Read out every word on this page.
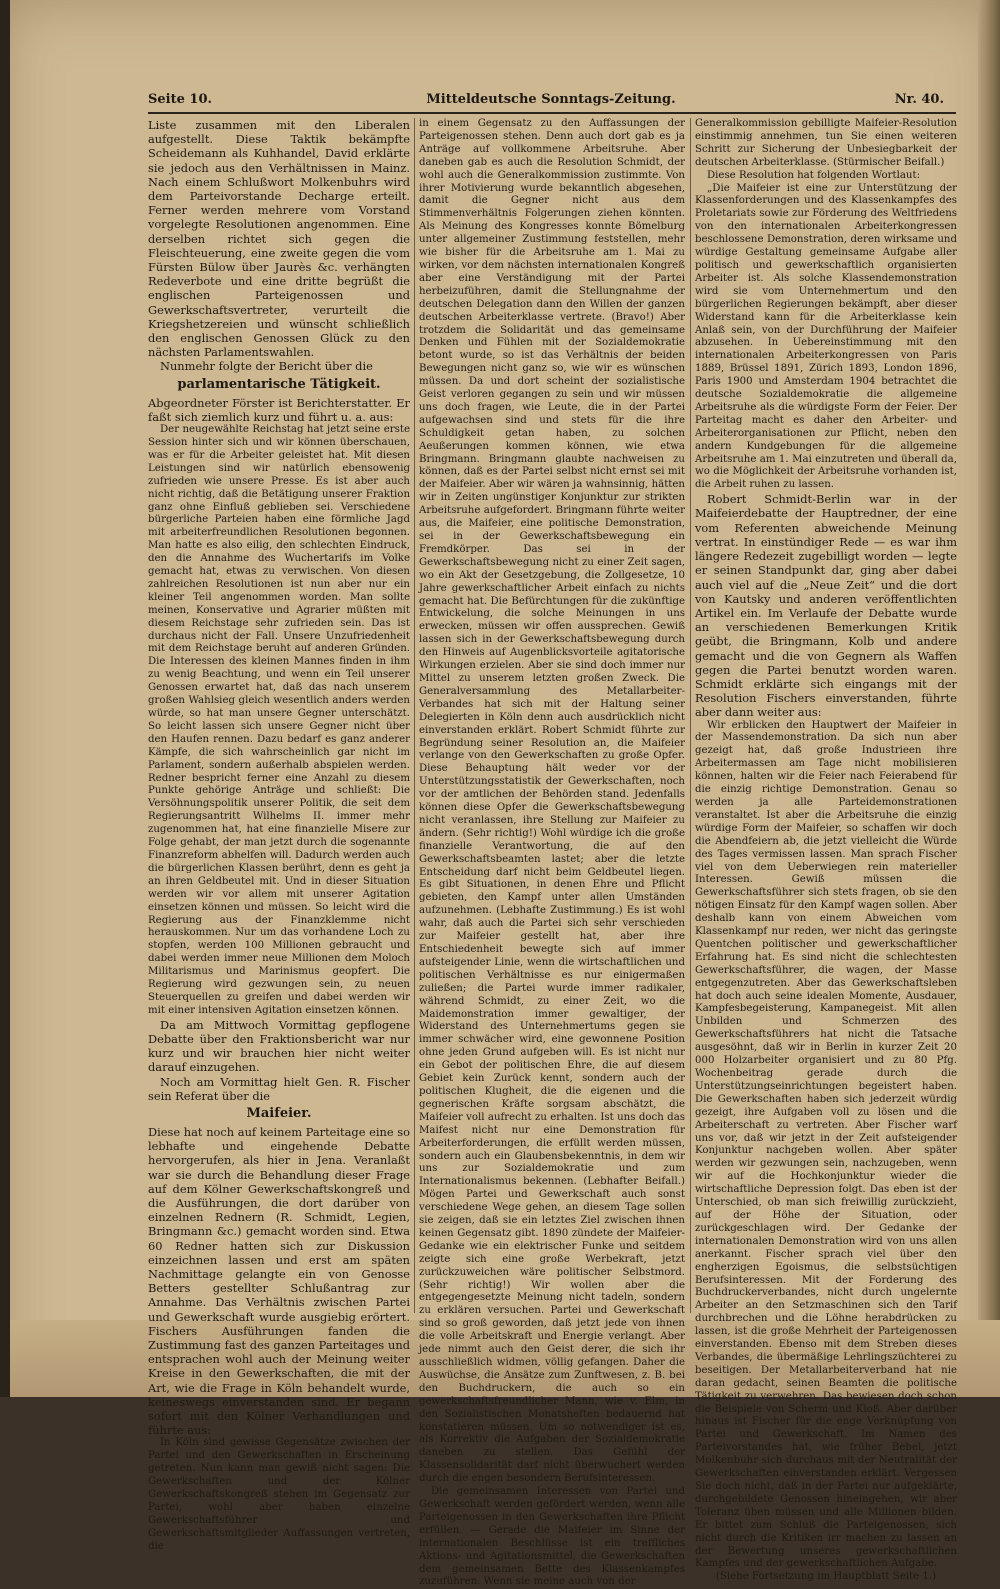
Seite 10.	Mitteldeutsche Sonntags-Zeitung.	Nr. 40.

Liste zusammen mit den Liberalen aufgestellt. Diese Taktik bekämpfte Scheidemann als Kuhhandel, David erklärte sie jedoch aus den Verhältnissen in Mainz. Nach einem Schlußwort Molkenbuhrs wird dem Parteivorstande Decharge erteilt. Ferner werden mehrere vom Vorstand vorgelegte Resolutionen angenommen. Eine derselben richtet sich gegen die Fleischteuerung, eine zweite gegen die vom Fürsten Bülow über Jaurès &c. verhängten Redeverbote und eine dritte begrüßt die englischen Parteigenossen und Gewerkschaftsvertreter, verurteilt die Kriegshetzereien und wünscht schließlich den englischen Genossen Glück zu den nächsten Parlamentswahlen.

Nunmehr folgte der Bericht über die

parlamentarische Tätigkeit.

Abgeordneter Förster ist Berichterstatter. Er faßt sich ziemlich kurz und führt u. a. aus:

Der neugewählte Reichstag hat jetzt seine erste Session hinter sich und wir können überschauen, was er für die Arbeiter geleistet hat. Mit diesen Leistungen sind wir natürlich ebensowenig zufrieden wie unsere Presse. Es ist aber auch nicht richtig, daß die Betätigung unserer Fraktion ganz ohne Einfluß geblieben sei. Verschiedene bürgerliche Parteien haben eine förmliche Jagd mit arbeiterfreundlichen Resolutionen begonnen. Man hatte es also eilig, den schlechten Eindruck, den die Annahme des Wuchertarifs im Volke gemacht hat, etwas zu verwischen. Von diesen zahlreichen Resolutionen ist nun aber nur ein kleiner Teil angenommen worden. Man sollte meinen, Konservative und Agrarier müßten mit diesem Reichstage sehr zufrieden sein. Das ist durchaus nicht der Fall. Unsere Unzufriedenheit mit dem Reichstage beruht auf anderen Gründen. Die Interessen des kleinen Mannes finden in ihm zu wenig Beachtung, und wenn ein Teil unserer Genossen erwartet hat, daß das nach unserem großen Wahlsieg gleich wesentlich anders werden würde, so hat man unsere Gegner unterschätzt. So leicht lassen sich unsere Gegner nicht über den Haufen rennen. Dazu bedarf es ganz anderer Kämpfe, die sich wahrscheinlich gar nicht im Parlament, sondern außerhalb abspielen werden. Redner bespricht ferner eine Anzahl zu diesem Punkte gehörige Anträge und schließt: Die Versöhnungspolitik unserer Politik, die seit dem Regierungsantritt Wilhelms II. immer mehr zugenommen hat, hat eine finanzielle Misere zur Folge gehabt, der man jetzt durch die sogenannte Finanzreform abhelfen will. Dadurch werden auch die bürgerlichen Klassen berührt, denn es geht ja an ihren Geldbeutel mit. Und in dieser Situation werden wir vor allem mit unserer Agitation einsetzen können und müssen. So leicht wird die Regierung aus der Finanzklemme nicht herauskommen. Nur um das vorhandene Loch zu stopfen, werden 100 Millionen gebraucht und dabei werden immer neue Millionen dem Moloch Militarismus und Marinismus geopfert. Die Regierung wird gezwungen sein, zu neuen Steuerquellen zu greifen und dabei werden wir mit einer intensiven Agitation einsetzen können.

Da am Mittwoch Vormittag gepflogene Debatte über den Fraktionsbericht war nur kurz und wir brauchen hier nicht weiter darauf einzugehen.

Noch am Vormittag hielt Gen. R. Fischer sein Referat über die

Maifeier.

Diese hat noch auf keinem Parteitage eine so lebhafte und eingehende Debatte hervorgerufen, als hier in Jena. Veranlaßt war sie durch die Behandlung dieser Frage auf dem Kölner Gewerkschaftskongreß und die Ausführungen, die dort darüber von einzelnen Rednern (R. Schmidt, Legien, Bringmann &c.) gemacht worden sind. Etwa 60 Redner hatten sich zur Diskussion einzeichnen lassen und erst am späten Nachmittage gelangte ein von Genosse Betters gestellter Schlußantrag zur Annahme. Das Verhältnis zwischen Partei und Gewerkschaft wurde ausgiebig erörtert. Fischers Ausführungen fanden die Zustimmung fast des ganzen Parteitages und entsprachen wohl auch der Meinung weiter Kreise in den Gewerkschaften, die mit der Art, wie die Frage in Köln behandelt wurde, keineswegs einverstanden sind. Er begann sofort mit den Kölner Verhandlungen und führte aus:

In Köln sind gewisse Gegensätze zwischen der Partei und den Gewerkschaften in Erscheinung getreten. Nun kann man gewiß nicht sagen: Die Gewerkschaften und der Kölner Gewerkschaftskongreß stehen im Gegensatz zur Partei, wohl aber haben einzelne Gewerkschaftsführer und Gewerkschaftsmitglieder Auffassungen vertreten, die

in einem Gegensatz zu den Auffassungen der Parteigenossen stehen. Denn auch dort gab es ja Anträge auf vollkommene Arbeitsruhe. Aber daneben gab es auch die Resolution Schmidt, der wohl auch die Generalkommission zustimmte. Von ihrer Motivierung wurde bekanntlich abgesehen, damit die Gegner nicht aus dem Stimmenverhältnis Folgerungen ziehen könnten. Als Meinung des Kongresses konnte Bömelburg unter allgemeiner Zustimmung feststellen, mehr wie bisher für die Arbeitsruhe am 1. Mai zu wirken, vor dem nächsten internationalen Kongreß aber eine Verständigung mit der Partei herbeizuführen, damit die Stellungnahme der deutschen Delegation dann den Willen der ganzen deutschen Arbeiterklasse vertrete. (Bravo!) Aber trotzdem die Solidarität und das gemeinsame Denken und Fühlen mit der Sozialdemokratie betont wurde, so ist das Verhältnis der beiden Bewegungen nicht ganz so, wie wir es wünschen müssen. Da und dort scheint der sozialistische Geist verloren gegangen zu sein und wir müssen uns doch fragen, wie Leute, die in der Partei aufgewachsen sind und stets für die ihre Schuldigkeit getan haben, zu solchen Aeußerungen kommen können, wie etwa Bringmann. Bringmann glaubte nachweisen zu können, daß es der Partei selbst nicht ernst sei mit der Maifeier. Aber wir wären ja wahnsinnig, hätten wir in Zeiten ungünstiger Konjunktur zur strikten Arbeitsruhe aufgefordert. Bringmann führte weiter aus, die Maifeier, eine politische Demonstration, sei in der Gewerkschaftsbewegung ein Fremdkörper. Das sei in der Gewerkschaftsbewegung nicht zu einer Zeit sagen, wo ein Akt der Gesetzgebung, die Zollgesetze, 10 Jahre gewerkschaftlicher Arbeit einfach zu nichts gemacht hat. Die Befürchtungen für die zukünftige Entwickelung, die solche Meinungen in uns erwecken, müssen wir offen aussprechen. Gewiß lassen sich in der Gewerkschaftsbewegung durch den Hinweis auf Augenblicksvorteile agitatorische Wirkungen erzielen. Aber sie sind doch immer nur Mittel zu unserem letzten großen Zweck. Die Generalversammlung des Metallarbeiter-Verbandes hat sich mit der Haltung seiner Delegierten in Köln denn auch ausdrücklich nicht einverstanden erklärt. Robert Schmidt führte zur Begründung seiner Resolution an, die Maifeier verlange von den Gewerkschaften zu große Opfer. Diese Behauptung hält weder vor der Unterstützungsstatistik der Gewerkschaften, noch vor der amtlichen der Behörden stand. Jedenfalls können diese Opfer die Gewerkschaftsbewegung nicht veranlassen, ihre Stellung zur Maifeier zu ändern. (Sehr richtig!) Wohl würdige ich die große finanzielle Verantwortung, die auf den Gewerkschaftsbeamten lastet; aber die letzte Entscheidung darf nicht beim Geldbeutel liegen. Es gibt Situationen, in denen Ehre und Pflicht gebieten, den Kampf unter allen Umständen aufzunehmen. (Lebhafte Zustimmung.) Es ist wohl wahr, daß auch die Partei sich sehr verschieden zur Maifeier gestellt hat, aber ihre Entschiedenheit bewegte sich auf immer aufsteigender Linie, wenn die wirtschaftlichen und politischen Verhältnisse es nur einigermaßen zuließen; die Partei wurde immer radikaler, während Schmidt, zu einer Zeit, wo die Maidemonstration immer gewaltiger, der Widerstand des Unternehmertums gegen sie immer schwächer wird, eine gewonnene Position ohne jeden Grund aufgeben will. Es ist nicht nur ein Gebot der politischen Ehre, die auf diesem Gebiet kein Zurück kennt, sondern auch der politischen Klugheit, die die eigenen und die gegnerischen Kräfte sorgsam abschätzt, die Maifeier voll aufrecht zu erhalten. Ist uns doch das Maifest nicht nur eine Demonstration für Arbeiterforderungen, die erfüllt werden müssen, sondern auch ein Glaubensbekenntnis, in dem wir uns zur Sozialdemokratie und zum Internationalismus bekennen. (Lebhafter Beifall.) Mögen Partei und Gewerkschaft auch sonst verschiedene Wege gehen, an diesem Tage sollen sie zeigen, daß sie ein letztes Ziel zwischen ihnen keinen Gegensatz gibt. 1890 zündete der Maifeier-Gedanke wie ein elektrischer Funke und seitdem zeigte sich eine große Werbekraft, jetzt zurückzuweichen wäre politischer Selbstmord. (Sehr richtig!) Wir wollen aber die entgegengesetzte Meinung nicht tadeln, sondern zu erklären versuchen. Partei und Gewerkschaft sind so groß geworden, daß jetzt jede von ihnen die volle Arbeitskraft und Energie verlangt. Aber jede nimmt auch den Geist derer, die sich ihr ausschließlich widmen, völlig gefangen. Daher die Auswüchse, die Ansätze zum Zunftwesen, z. B. bei den Buchdruckern, die auch so ein gewerkschaftsfreundlicher Mann, wie v. Elm, in den Sozialistischen Monatsheften bedauernd hat konstatieren müssen. Um so notwendiger ist es, als Korrektiv die Aufgaben der Sozialdemokratie daneben zu stellen. Das Gefühl der Klassensolidarität darf nicht überwuchert werden durch die engen besondern Berufsinteressen.

Die gemeinsamen Interessen von Partei und Gewerkschaft werden gefördert werden, wenn alle Parteigenossen in den Gewerkschaften ihre Pflicht erfüllen. — Gerade die Maifeier im Sinne der internationalen Beschlüsse ist ein treffliches Aktions- und Agitationsmittel, die Gewerkschaften dem gemeinsamen Bette des Klassenkampfes zuzuführen. Wenn sie meine auch von der

Generalkommission gebilligte Maifeier-Resolution einstimmig annehmen, tun Sie einen weiteren Schritt zur Sicherung der Unbesiegbarkeit der deutschen Arbeiterklasse. (Stürmischer Beifall.)

Diese Resolution hat folgenden Wortlaut:

„Die Maifeier ist eine zur Unterstützung der Klassenforderungen und des Klassenkampfes des Proletariats sowie zur Förderung des Weltfriedens von den internationalen Arbeiterkongressen beschlossene Demonstration, deren wirksame und würdige Gestaltung gemeinsame Aufgabe aller politisch und gewerkschaftlich organisierten Arbeiter ist. Als solche Klassendemonstration wird sie vom Unternehmertum und den bürgerlichen Regierungen bekämpft, aber dieser Widerstand kann für die Arbeiterklasse kein Anlaß sein, von der Durchführung der Maifeier abzusehen. In Uebereinstimmung mit den internationalen Arbeiterkongressen von Paris 1889, Brüssel 1891, Zürich 1893, London 1896, Paris 1900 und Amsterdam 1904 betrachtet die deutsche Sozialdemokratie die allgemeine Arbeitsruhe als die würdigste Form der Feier. Der Parteitag macht es daher den Arbeiter- und Arbeiterorganisationen zur Pflicht, neben den andern Kundgebungen für die allgemeine Arbeitsruhe am 1. Mai einzutreten und überall da, wo die Möglichkeit der Arbeitsruhe vorhanden ist, die Arbeit ruhen zu lassen.

Robert Schmidt-Berlin war in der Maifeierdebatte der Hauptredner, der eine vom Referenten abweichende Meinung vertrat. In einstündiger Rede — es war ihm längere Redezeit zugebilligt worden — legte er seinen Standpunkt dar, ging aber dabei auch viel auf die „Neue Zeit“ und die dort von Kautsky und anderen veröffentlichten Artikel ein. Im Verlaufe der Debatte wurde an verschiedenen Bemerkungen Kritik geübt, die Bringmann, Kolb und andere gemacht und die von Gegnern als Waffen gegen die Partei benutzt worden waren. Schmidt erklärte sich eingangs mit der Resolution Fischers einverstanden, führte aber dann weiter aus:

Wir erblicken den Hauptwert der Maifeier in der Massendemonstration. Da sich nun aber gezeigt hat, daß große Industrieen ihre Arbeitermassen am Tage nicht mobilisieren können, halten wir die Feier nach Feierabend für die einzig richtige Demonstration. Genau so werden ja alle Parteidemonstrationen veranstaltet. Ist aber die Arbeitsruhe die einzig würdige Form der Maifeier, so schaffen wir doch die Abendfeiern ab, die jetzt vielleicht die Würde des Tages vermissen lassen. Man sprach Fischer viel von dem Ueberwiegen rein materieller Interessen. Gewiß müssen die Gewerkschaftsführer sich stets fragen, ob sie den nötigen Einsatz für den Kampf wagen sollen. Aber deshalb kann von einem Abweichen vom Klassenkampf nur reden, wer nicht das geringste Quentchen politischer und gewerkschaftlicher Erfahrung hat. Es sind nicht die schlechtesten Gewerkschaftsführer, die wagen, der Masse entgegenzutreten. Aber das Gewerkschaftsleben hat doch auch seine idealen Momente, Ausdauer, Kampfesbegeisterung, Kampanegeist. Mit allen Unbilden und Schmerzen des Gewerkschaftsführers hat nicht die Tatsache ausgesöhnt, daß wir in Berlin in kurzer Zeit 20 000 Holzarbeiter organisiert und zu 80 Pfg. Wochenbeitrag gerade durch die Unterstützungseinrichtungen begeistert haben. Die Gewerkschaften haben sich jederzeit würdig gezeigt, ihre Aufgaben voll zu lösen und die Arbeiterschaft zu vertreten. Aber Fischer warf uns vor, daß wir jetzt in der Zeit aufsteigender Konjunktur nachgeben wollen. Aber später werden wir gezwungen sein, nachzugeben, wenn wir auf die Hochkonjunktur wieder die wirtschaftliche Depression folgt. Das eben ist der Unterschied, ob man sich freiwillig zurückzieht, auf der Höhe der Situation, oder zurückgeschlagen wird. Der Gedanke der internationalen Demonstration wird von uns allen anerkannt. Fischer sprach viel über den engherzigen Egoismus, die selbstsüchtigen Berufsinteressen. Mit der Forderung des Buchdruckerverbandes, nicht durch ungelernte Arbeiter an den Setzmaschinen sich den Tarif durchbrechen und die Löhne herabdrücken zu lassen, ist die große Mehrheit der Parteigenossen einverstanden. Ebenso mit dem Streben dieses Verbandes, die übermäßige Lehrlingszüchterei zu beseitigen. Der Metallarbeiterverband hat nie daran gedacht, seinen Beamten die politische Tätigkeit zu verwehren. Das bewiesen doch schon die Beispiele von Scherm und Kloß. Aber darüber hinaus ist Fischer für die enge Verknüpfung von Partei und Gewerkschaft. Im Namen des Parteivorstandes hat, wie früher Bebel, jetzt Molkenbuhr sich durchaus mit der Neutralität der Gewerkschaften einverstanden erklärt. Vergessen Sie doch nicht, daß in der Partei nur aufgeklärte, durchgebildete Genossen hineingehen, wir aber Toleranz üben müssen und alle Millionen bilden. Er bittet zum Schluß die Parteigenossen, sich nicht durch die Kritiken irr machen zu lassen an der Bewertung unseres gewerkschaftlichen Kampfes und der gewerkschaftlichen Aufgabe.

(Siehe Fortsetzung im Hauptblatt Seite 1.)
